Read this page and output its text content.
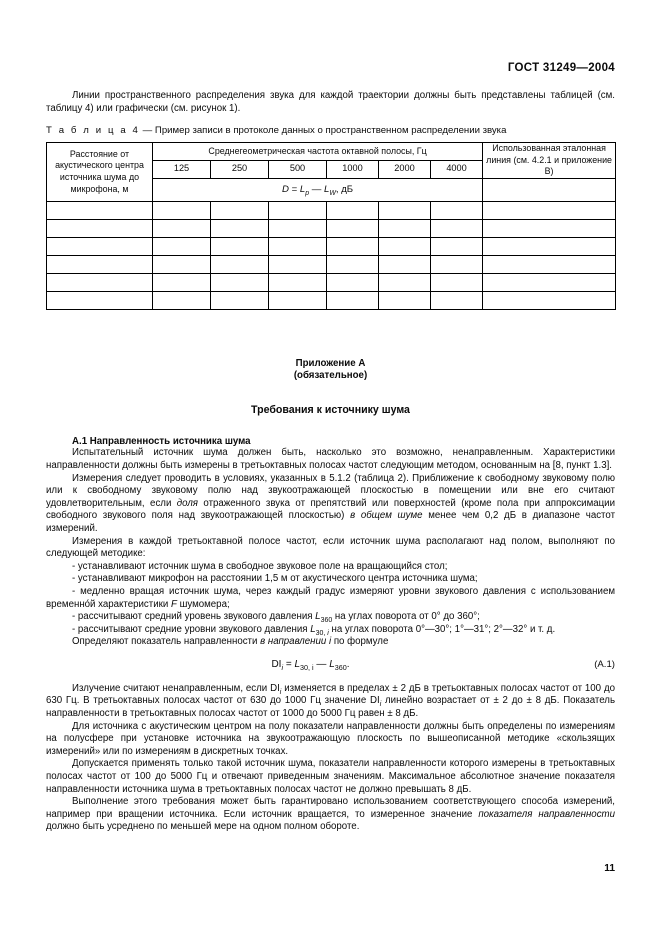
ГОСТ 31249—2004

Линии пространственного распределения звука для каждой траектории должны быть представлены таблицей (см. таблицу 4) или графически (см. рисунок 1).

Т а б л и ц а 4 — Пример записи в протоколе данных о пространственном распределении звука
Расстояние от акустического центра источника шума до микрофона, м	Среднегеометрическая частота октавной полосы, Гц						Использованная эталонная линия (см. 4.2.1 и приложение В)
	125	250	500	1000	2000	4000	
	$D = L_p$ — $L_W$, дБ						

Приложение А
(обязательное)
Требования к источнику шума
А.1 Направленность источника шума

Испытательный источник шума должен быть, насколько это возможно, ненаправленным. Характеристики направленности должны быть измерены в третьоктавных полосах частот следующим методом, основанным на [8, пункт 1.3].

Измерения следует проводить в условиях, указанных в 5.1.2 (таблица 2). Приближение к свободному звуковому полю или к свободному звуковому полю над звукоотражающей плоскостью в помещении или вне его считают удовлетворительным, если доля отраженного звука от препятствий или поверхностей (кроме пола при аппроксимации свободного звукового поля над звукоотражающей плоскостью) в общем шуме менее чем 0,2 дБ в диапазоне частот измерений.

Измерения в каждой третьоктавной полосе частот, если источник шума располагают над полом, выполняют по следующей методике:

- устанавливают источник шума в свободное звуковое поле на вращающийся стол;

- устанавливают микрофон на расстоянии 1,5 м от акустического центра источника шума;

- медленно вращая источник шума, через каждый градус измеряют уровни звукового давления с использованием временно́й характеристики F шумомера;

- рассчитывают средний уровень звукового давления $L_{360}$ на углах поворота от 0° до 360°;

- рассчитывают средние уровни звукового давления $L_{30, i}$ на углах поворота 0°—30°; 1°—31°; 2°—32° и т. д.

Определяют показатель направленности в направлении i по формуле

$DI_i = L_{30, i}$ — $L_{360}$.	(А.1)

Излучение считают ненаправленным, если $DI_i$ изменяется в пределах ± 2 дБ в третьоктавных полосах частот от 100 до 630 Гц. В третьоктавных полосах частот от 630 до 1000 Гц значение $DI_i$ линейно возрастает от ± 2 до ± 8 дБ. Показатель направленности в третьоктавных полосах частот от 1000 до 5000 Гц равен ± 8 дБ.

Для источника с акустическим центром на полу показатели направленности должны быть определены по измерениям на полусфере при установке источника на звукоотражающую плоскость по вышеописанной методике «скользящих измерений» или по измерениям в дискретных точках.

Допускается применять только такой источник шума, показатели направленности которого измерены в третьоктавных полосах частот от 100 до 5000 Гц и отвечают приведенным значениям. Максимальное абсолютное значение показателя направленности источника шума в третьоктавных полосах частот не должно превышать 8 дБ.

Выполнение этого требования может быть гарантировано использованием соответствующего способа измерений, например при вращении источника. Если источник вращается, то измеренное значение показателя направленности должно быть усреднено по меньшей мере на одном полном обороте.

11
